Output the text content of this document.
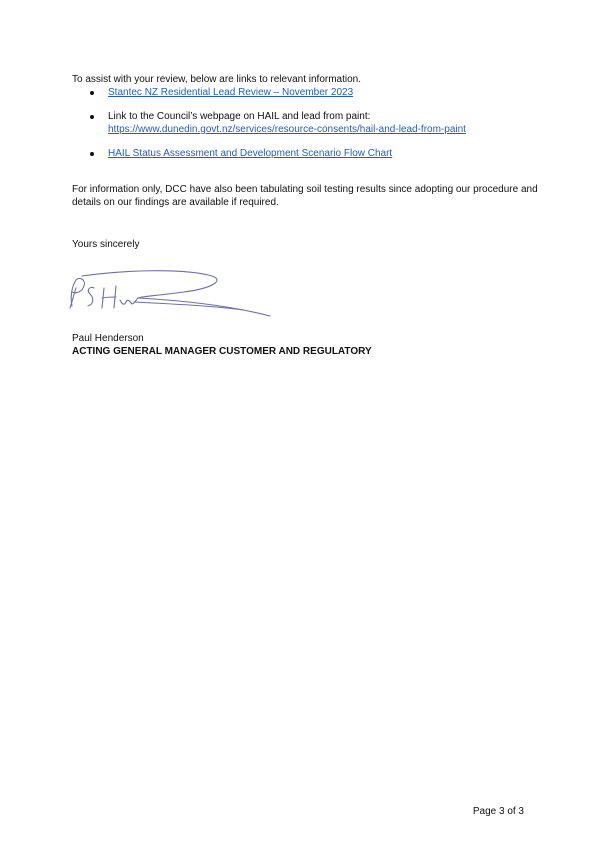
To assist with your review, below are links to relevant information.

Stantec NZ Residential Lead Review – November 2023
Link to the Council’s webpage on HAIL and lead from paint:
https://www.dunedin.govt.nz/services/resource-consents/hail-and-lead-from-paint
HAIL Status Assessment and Development Scenario Flow Chart

For information only, DCC have also been tabulating soil testing results since adopting our procedure and details on our findings are available if required.

Yours sincerely

Paul Henderson

ACTING GENERAL MANAGER CUSTOMER AND REGULATORY

Page 3 of 3
